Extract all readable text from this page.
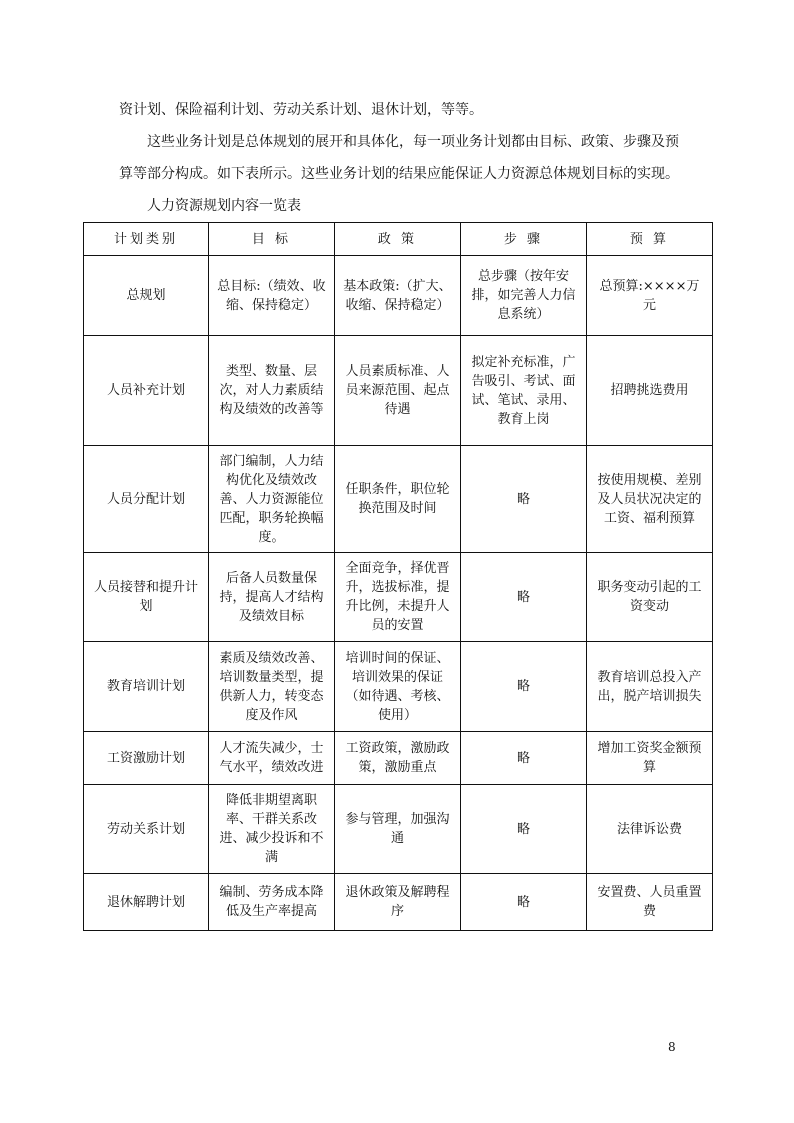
资计划、保险福利计划、劳动关系计划、退休计划，等等。

这些业务计划是总体规划的展开和具体化，每一项业务计划都由目标、政策、步骤及预算等部分构成。如下表所示。这些业务计划的结果应能保证人力资源总体规划目标的实现。

人力资源规划内容一览表

计划类别	目 标	政 策	步 骤	预 算
总规划	总目标:（绩效、收缩、保持稳定）	基本政策:（扩大、收缩、保持稳定）	总步骤（按年安排，如完善人力信息系统）	总预算:××××万元
人员补充计划	类型、数量、层次，对人力素质结构及绩效的改善等	人员素质标准、人员来源范围、起点待遇	拟定补充标准，广告吸引、考试、面试、笔试、录用、教育上岗	招聘挑选费用
人员分配计划	部门编制，人力结构优化及绩效改善、人力资源能位匹配，职务轮换幅度。	任职条件，职位轮换范围及时间	略	按使用规模、差别及人员状况决定的工资、福利预算
人员接替和提升计划	后备人员数量保持，提高人才结构及绩效目标	全面竞争，择优晋升，选拔标准，提升比例，未提升人员的安置	略	职务变动引起的工资变动
教育培训计划	素质及绩效改善、培训数量类型，提供新人力，转变态度及作风	培训时间的保证、培训效果的保证（如待遇、考核、使用）	略	教育培训总投入产出，脱产培训损失
工资激励计划	人才流失减少，士气水平，绩效改进	工资政策，激励政策，激励重点	略	增加工资奖金额预算
劳动关系计划	降低非期望离职率、干群关系改进、减少投诉和不满	参与管理，加强沟通	略	法律诉讼费
退休解聘计划	编制、劳务成本降低及生产率提高	退休政策及解聘程序	略	安置费、人员重置费

8
